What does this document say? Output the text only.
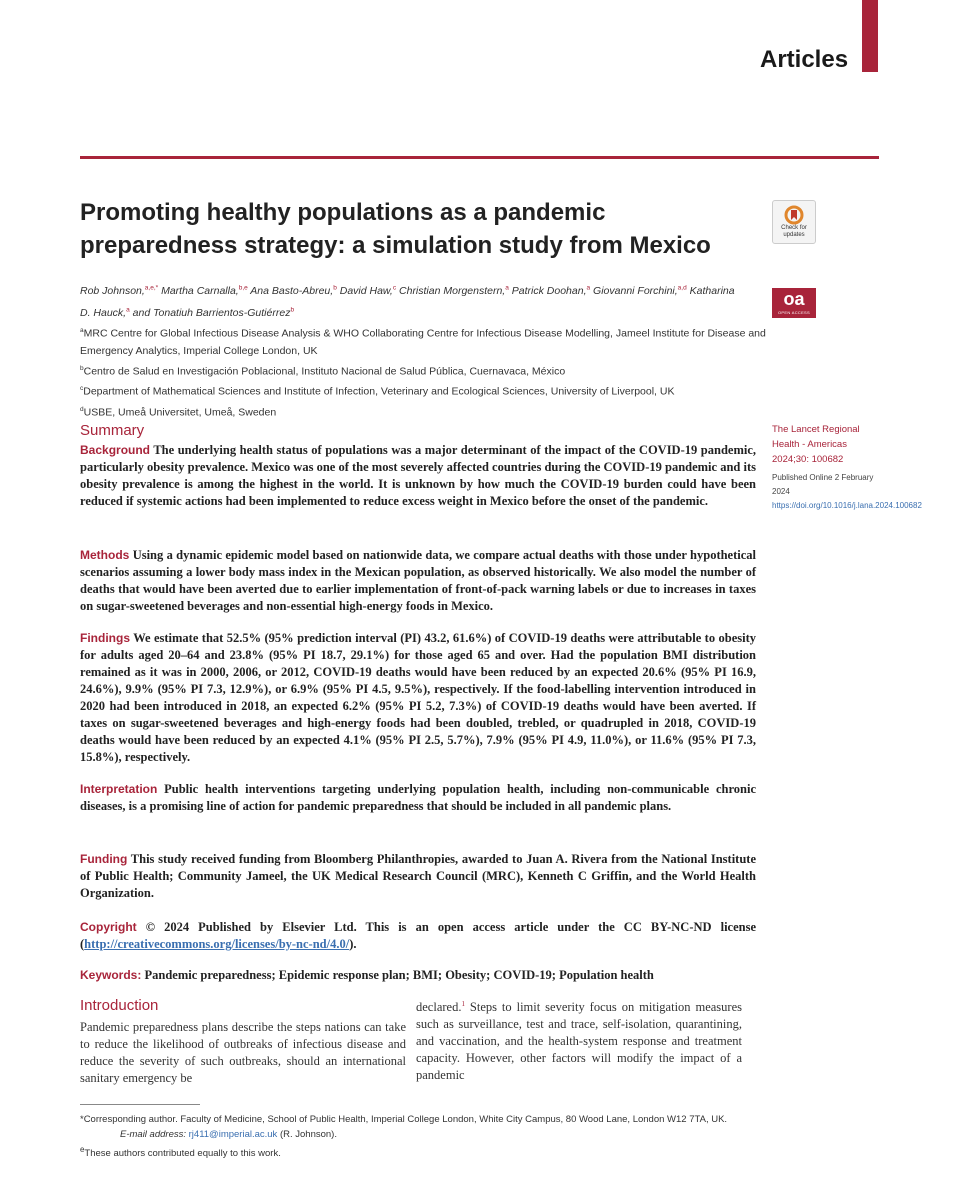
Articles
Promoting healthy populations as a pandemic preparedness strategy: a simulation study from Mexico
Check for updates
oa
OPEN ACCESS
Rob Johnson,$^{a,e,*}$ Martha Carnalla,$^{b,e}$ Ana Basto-Abreu,$^b$ David Haw,$^c$ Christian Morgenstern,$^a$ Patrick Doohan,$^a$ Giovanni Forchini,$^{a,d}$ Katharina D. Hauck,$^a$ and Tonatiuh Barrientos-Gutiérrez$^b$

$^a$MRC Centre for Global Infectious Disease Analysis & WHO Collaborating Centre for Infectious Disease Modelling, Jameel Institute for Disease and Emergency Analytics, Imperial College London, UK

$^b$Centro de Salud en Investigación Poblacional, Instituto Nacional de Salud Pública, Cuernavaca, México

$^c$Department of Mathematical Sciences and Institute of Infection, Veterinary and Ecological Sciences, University of Liverpool, UK

$^d$USBE, Umeå Universitet, Umeå, Sweden

The Lancet Regional Health - Americas 2024;30: 100682
Published Online 2 February 2024
https://doi.org/10.1016/j.lana.2024.100682
Summary

Background The underlying health status of populations was a major determinant of the impact of the COVID-19 pandemic, particularly obesity prevalence. Mexico was one of the most severely affected countries during the COVID-19 pandemic and its obesity prevalence is among the highest in the world. It is unknown by how much the COVID-19 burden could have been reduced if systemic actions had been implemented to reduce excess weight in Mexico before the onset of the pandemic.

Methods Using a dynamic epidemic model based on nationwide data, we compare actual deaths with those under hypothetical scenarios assuming a lower body mass index in the Mexican population, as observed historically. We also model the number of deaths that would have been averted due to earlier implementation of front-of-pack warning labels or due to increases in taxes on sugar-sweetened beverages and non-essential high-energy foods in Mexico.

Findings We estimate that 52.5% (95% prediction interval (PI) 43.2, 61.6%) of COVID-19 deaths were attributable to obesity for adults aged 20–64 and 23.8% (95% PI 18.7, 29.1%) for those aged 65 and over. Had the population BMI distribution remained as it was in 2000, 2006, or 2012, COVID-19 deaths would have been reduced by an expected 20.6% (95% PI 16.9, 24.6%), 9.9% (95% PI 7.3, 12.9%), or 6.9% (95% PI 4.5, 9.5%), respectively. If the food-labelling intervention introduced in 2020 had been introduced in 2018, an expected 6.2% (95% PI 5.2, 7.3%) of COVID-19 deaths would have been averted. If taxes on sugar-sweetened beverages and high-energy foods had been doubled, trebled, or quadrupled in 2018, COVID-19 deaths would have been reduced by an expected 4.1% (95% PI 2.5, 5.7%), 7.9% (95% PI 4.9, 11.0%), or 11.6% (95% PI 7.3, 15.8%), respectively.

Interpretation Public health interventions targeting underlying population health, including non-communicable chronic diseases, is a promising line of action for pandemic preparedness that should be included in all pandemic plans.

Funding This study received funding from Bloomberg Philanthropies, awarded to Juan A. Rivera from the National Institute of Public Health; Community Jameel, the UK Medical Research Council (MRC), Kenneth C Griffin, and the World Health Organization.

Copyright © 2024 Published by Elsevier Ltd. This is an open access article under the CC BY-NC-ND license (http://creativecommons.org/licenses/by-nc-nd/4.0/).

Keywords: Pandemic preparedness; Epidemic response plan; BMI; Obesity; COVID-19; Population health

Introduction

Pandemic preparedness plans describe the steps nations can take to reduce the likelihood of outbreaks of infectious disease and reduce the severity of such outbreaks, should an international sanitary emergency be

declared.$^1$ Steps to limit severity focus on mitigation measures such as surveillance, test and trace, self-isolation, quarantining, and vaccination, and the health-system response and treatment capacity. However, other factors will modify the impact of a pandemic

*Corresponding author. Faculty of Medicine, School of Public Health, Imperial College London, White City Campus, 80 Wood Lane, London W12 7TA, UK.

E-mail address: rj411@imperial.ac.uk (R. Johnson).

$^e$These authors contributed equally to this work.
